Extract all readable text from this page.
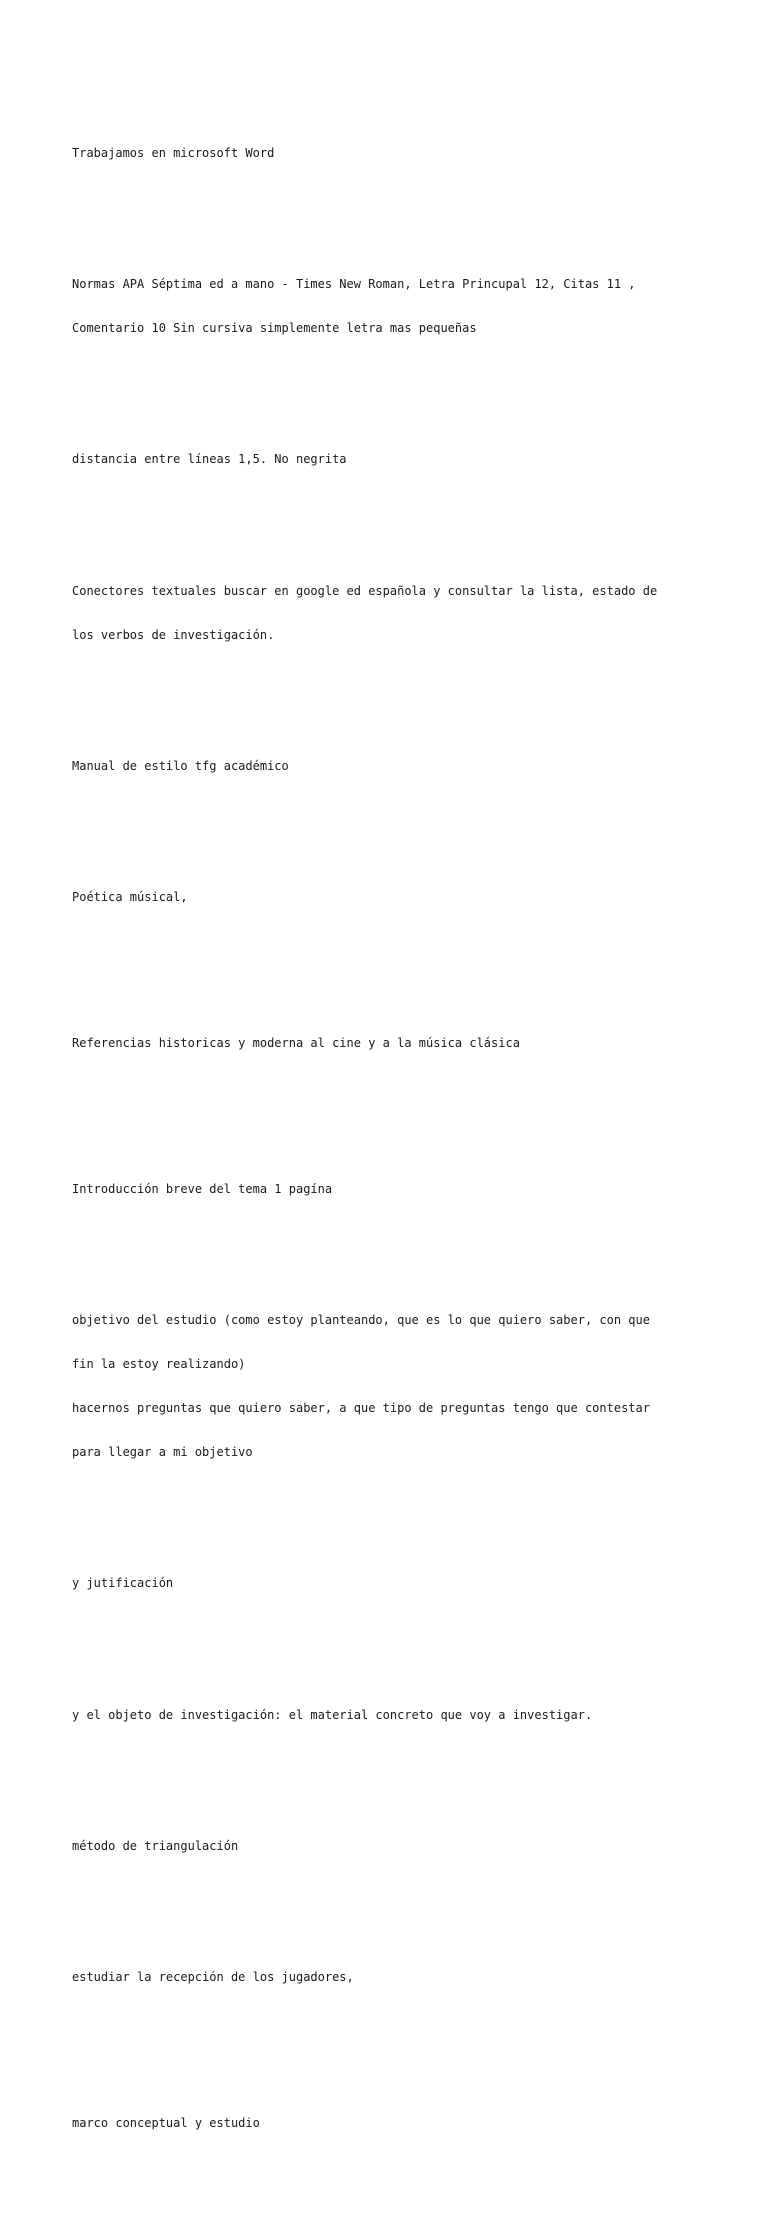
Trabajamos en microsoft Word

Normas APA Séptima ed a mano - Times New Roman, Letra Princupal 12, Citas 11 ,

Comentario 10 Sin cursiva simplemente letra mas pequeñas

distancia entre líneas 1,5. No negrita

Conectores textuales buscar en google ed española y consultar la lista, estado de

los verbos de investigación.

Manual de estilo tfg académico

Poética músical,

Referencias historicas y moderna al cine y a la música clásica

Introducción breve del tema 1 pagína

objetivo del estudio (como estoy planteando, que es lo que quiero saber, con que

fin la estoy realizando)

hacernos preguntas que quiero saber, a que tipo de preguntas tengo que contestar

para llegar a mi objetivo

y jutificación

y el objeto de investigación: el material concreto que voy a investigar.

método de triangulación

estudiar la recepción de los jugadores,

marco conceptual y estudio
